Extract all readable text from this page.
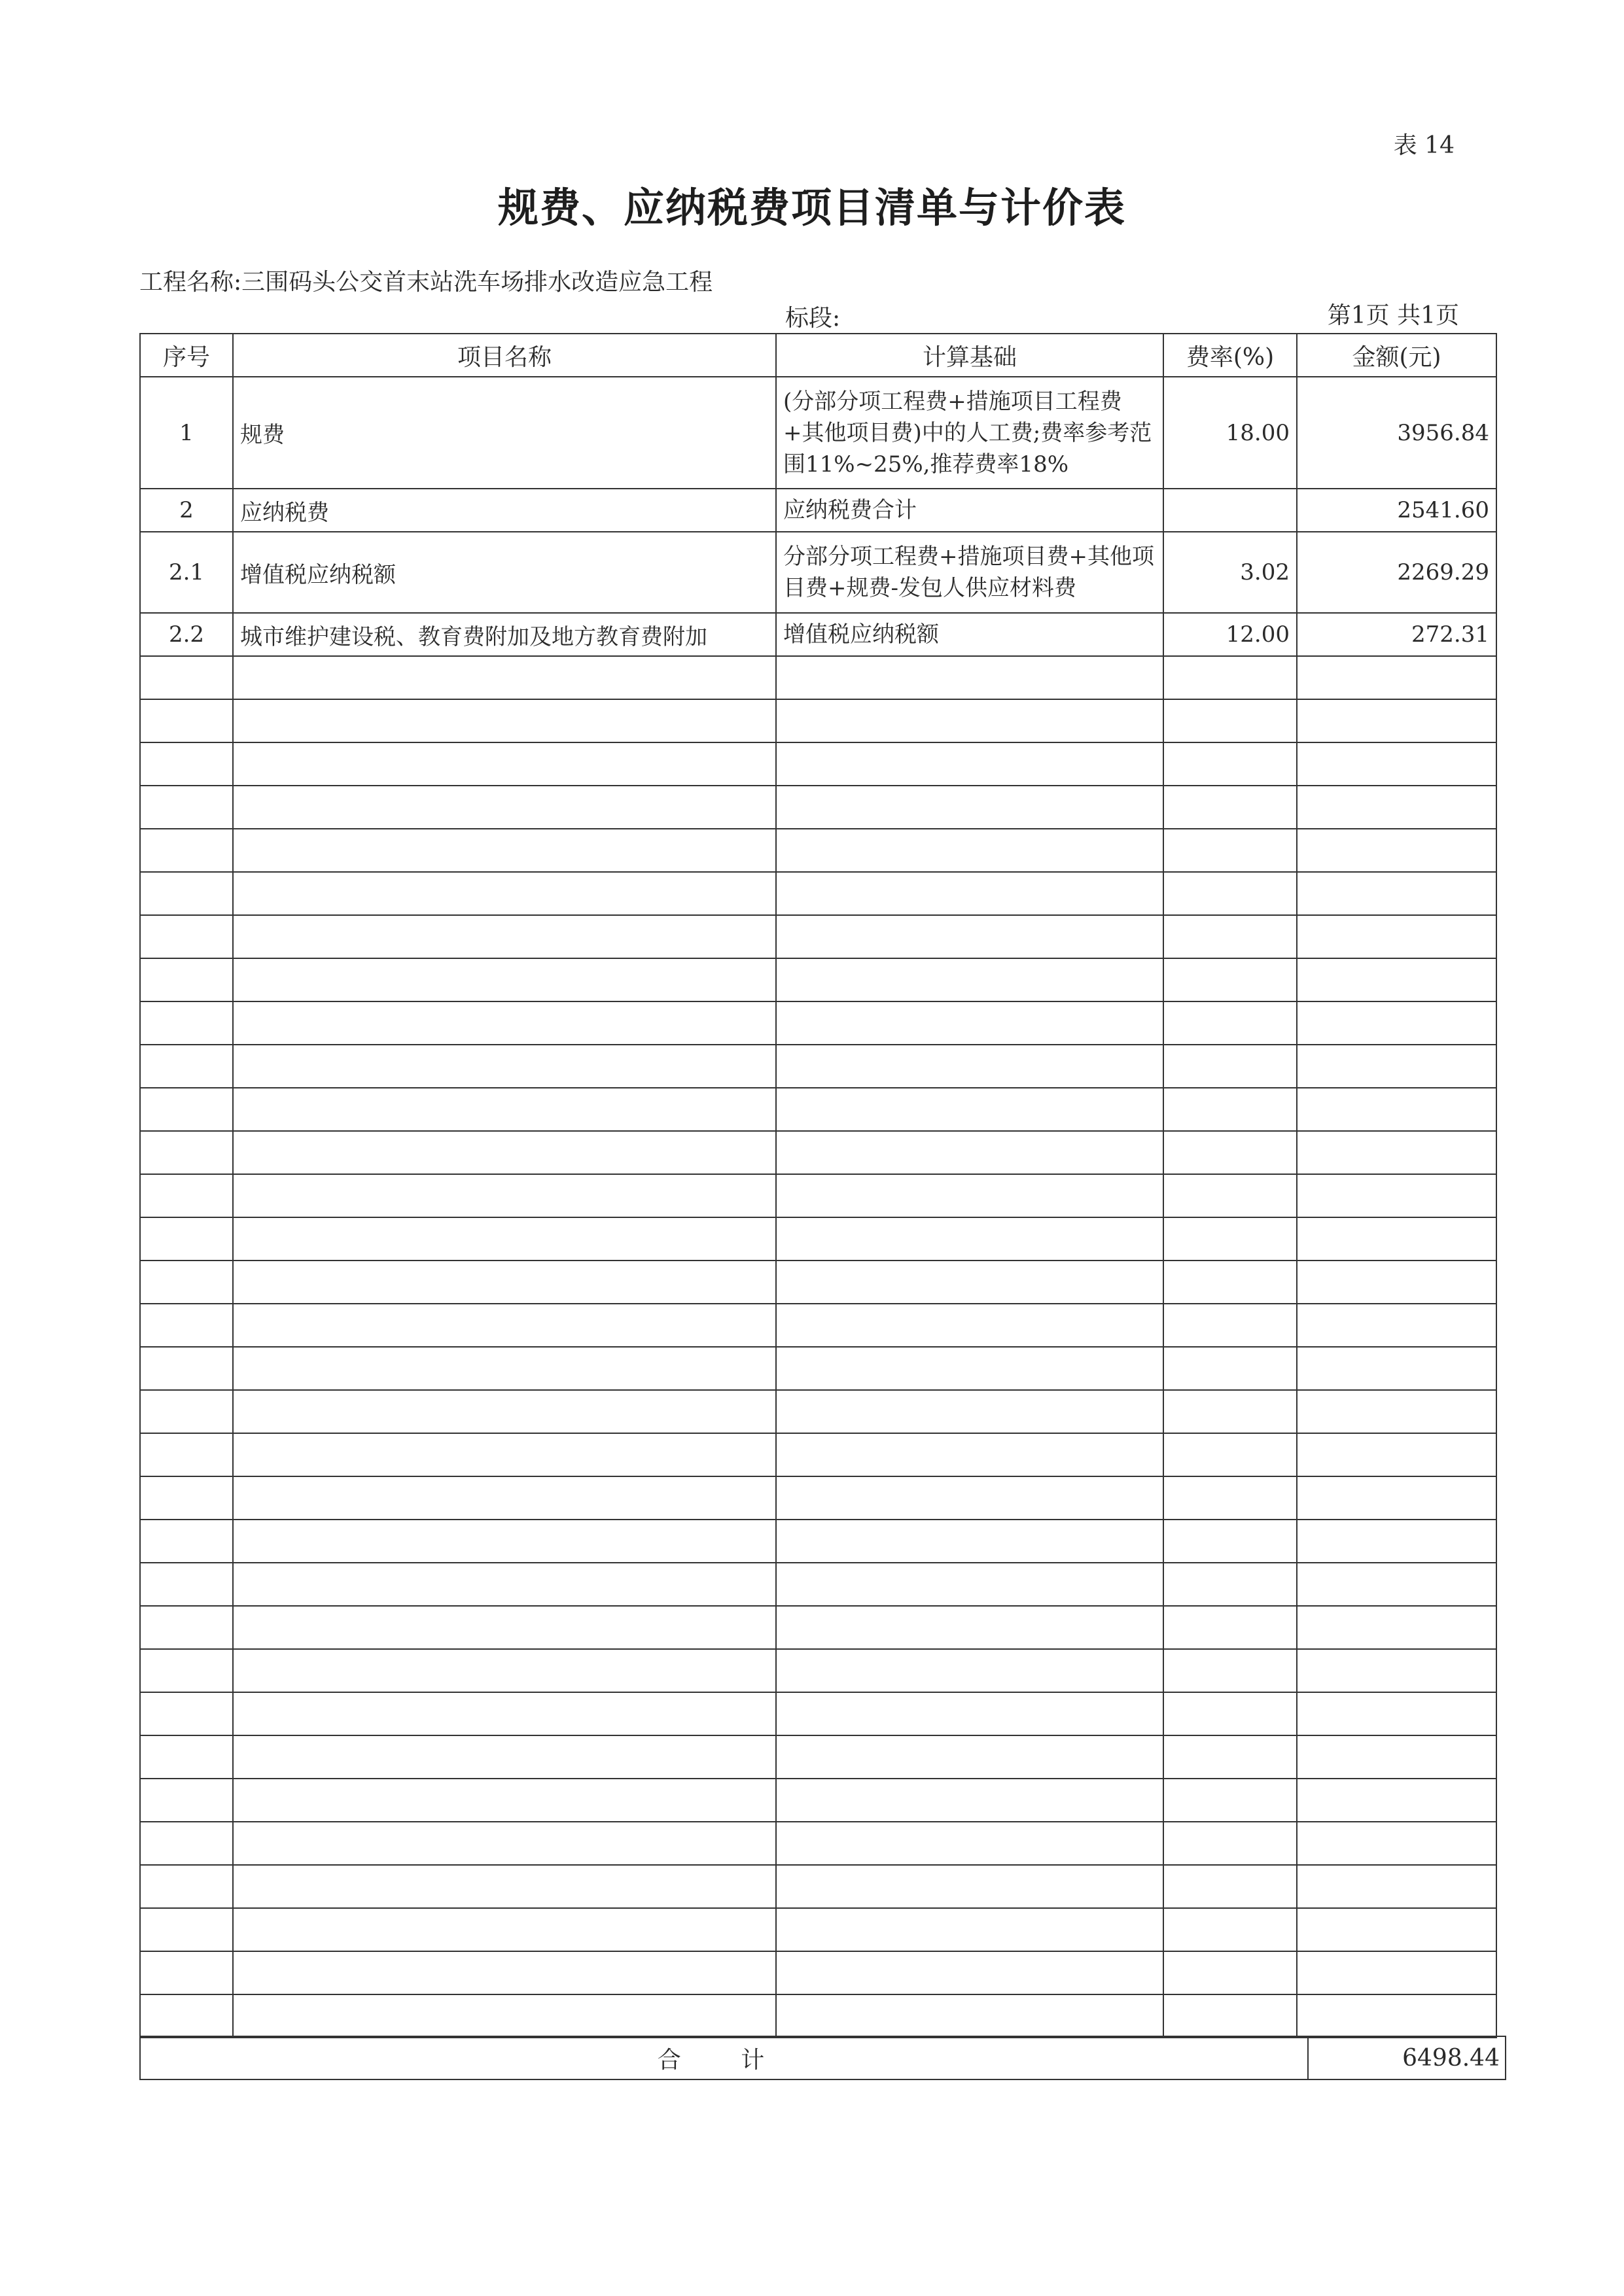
表 14
规费、应纳税费项目清单与计价表
工程名称:三围码头公交首末站洗车场排水改造应急工程
标段:	第1页 共1页
序号	项目名称	计算基础	费率(%)	金额(元)
1	规费	(分部分项工程费+措施项目工程费+其他项目费)中的人工费;费率参考范围11%~25%,推荐费率18%	18.00	3956.84
2	应纳税费	应纳税费合计		2541.60
2.1	增值税应纳税额	分部分项工程费+措施项目费+其他项目费+规费-发包人供应材料费	3.02	2269.29
2.2	城市维护建设税、教育费附加及地方教育费附加	增值税应纳税额	12.00	272.31

合 计	6498.44
